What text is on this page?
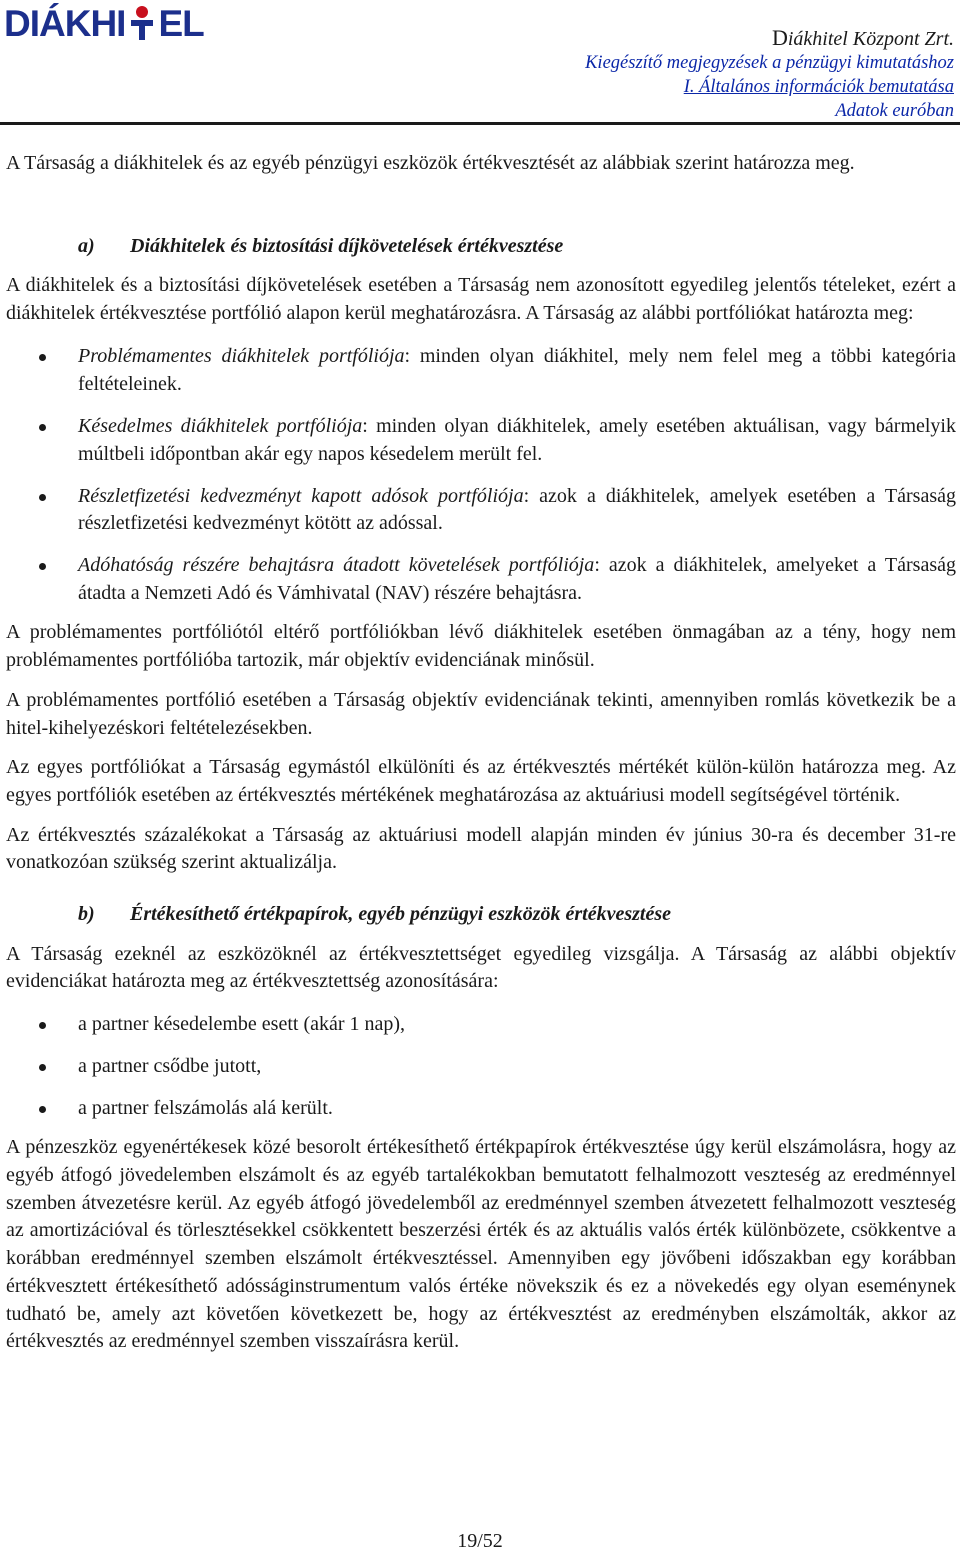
DIÁKHI EL	Diákhitel Központ Zrt.
Kiegészítő megjegyzések a pénzügyi kimutatáshoz
I. Általános információk bemutatása
Adatok euróban

A Társaság a diákhitelek és az egyéb pénzügyi eszközök értékvesztését az alábbiak szerint határozza meg.

a)	Diákhitelek és biztosítási díjkövetelések értékvesztése

A diákhitelek és a biztosítási díjkövetelések esetében a Társaság nem azonosított egyedileg jelentős tételeket, ezért a diákhitelek értékvesztése portfólió alapon kerül meghatározásra. A Társaság az alábbi portfóliókat határozta meg:

Problémamentes diákhitelek portfóliója: minden olyan diákhitel, mely nem felel meg a többi kategória feltételeinek.
Késedelmes diákhitelek portfóliója: minden olyan diákhitelek, amely esetében aktuálisan, vagy bármelyik múltbeli időpontban akár egy napos késedelem merült fel.
Részletfizetési kedvezményt kapott adósok portfóliója: azok a diákhitelek, amelyek esetében a Társaság részletfizetési kedvezményt kötött az adóssal.
Adóhatóság részére behajtásra átadott követelések portfóliója: azok a diákhitelek, amelyeket a Társaság átadta a Nemzeti Adó és Vámhivatal (NAV) részére behajtásra.

A problémamentes portfóliótól eltérő portfóliókban lévő diákhitelek esetében önmagában az a tény, hogy nem problémamentes portfólióba tartozik, már objektív evidenciának minősül.

A problémamentes portfólió esetében a Társaság objektív evidenciának tekinti, amennyiben romlás következik be a hitel-kihelyezéskori feltételezésekben.

Az egyes portfóliókat a Társaság egymástól elkülöníti és az értékvesztés mértékét külön-külön határozza meg. Az egyes portfóliók esetében az értékvesztés mértékének meghatározása az aktuáriusi modell segítségével történik.

Az értékvesztés százalékokat a Társaság az aktuáriusi modell alapján minden év június 30-ra és december 31-re vonatkozóan szükség szerint aktualizálja.

b)	Értékesíthető értékpapírok, egyéb pénzügyi eszközök értékvesztése

A Társaság ezeknél az eszközöknél az értékvesztettséget egyedileg vizsgálja. A Társaság az alábbi objektív evidenciákat határozta meg az értékvesztettség azonosítására:

a partner késedelembe esett (akár 1 nap),
a partner csődbe jutott,
a partner felszámolás alá került.

A pénzeszköz egyenértékesek közé besorolt értékesíthető értékpapírok értékvesztése úgy kerül elszámolásra, hogy az egyéb átfogó jövedelemben elszámolt és az egyéb tartalékokban bemutatott felhalmozott veszteség az eredménnyel szemben átvezetésre kerül. Az egyéb átfogó jövedelemből az eredménnyel szemben átvezetett felhalmozott veszteség az amortizációval és törlesztésekkel csökkentett beszerzési érték és az aktuális valós érték különbözete, csökkentve a korábban eredménnyel szemben elszámolt értékvesztéssel. Amennyiben egy jövőbeni időszakban egy korábban értékvesztett értékesíthető adósságinstrumentum valós értéke növekszik és ez a növekedés egy olyan eseménynek tudható be, amely azt követően következett be, hogy az értékvesztést az eredményben elszámolták, akkor az értékvesztés az eredménnyel szemben visszaírásra kerül.

19/52
